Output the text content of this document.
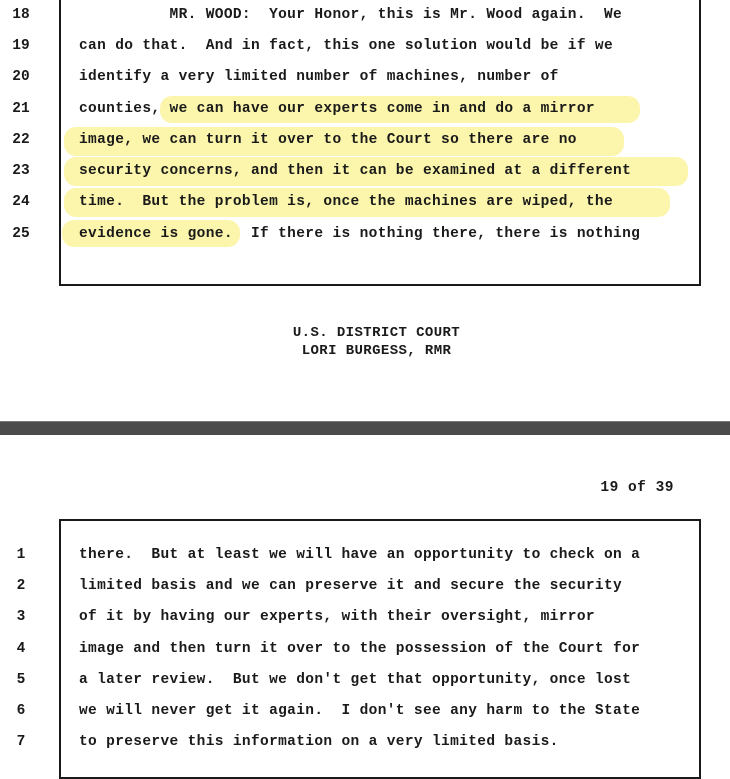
18	MR. WOOD:  Your Honor, this is Mr. Wood again.  We
19	can do that.  And in fact, this one solution would be if we
20	identify a very limited number of machines, number of
21	counties, we can have our experts come in and do a mirror
22	image, we can turn it over to the Court so there are no
23	security concerns, and then it can be examined at a different
24	time.  But the problem is, once the machines are wiped, the
25	evidence is gone.  If there is nothing there, there is nothing
U.S. DISTRICT COURT
LORI BURGESS, RMR
19 of 39
1	there.  But at least we will have an opportunity to check on a
2	limited basis and we can preserve it and secure the security
3	of it by having our experts, with their oversight, mirror
4	image and then turn it over to the possession of the Court for
5	a later review.  But we don't get that opportunity, once lost
6	we will never get it again.  I don't see any harm to the State
7	to preserve this information on a very limited basis.
